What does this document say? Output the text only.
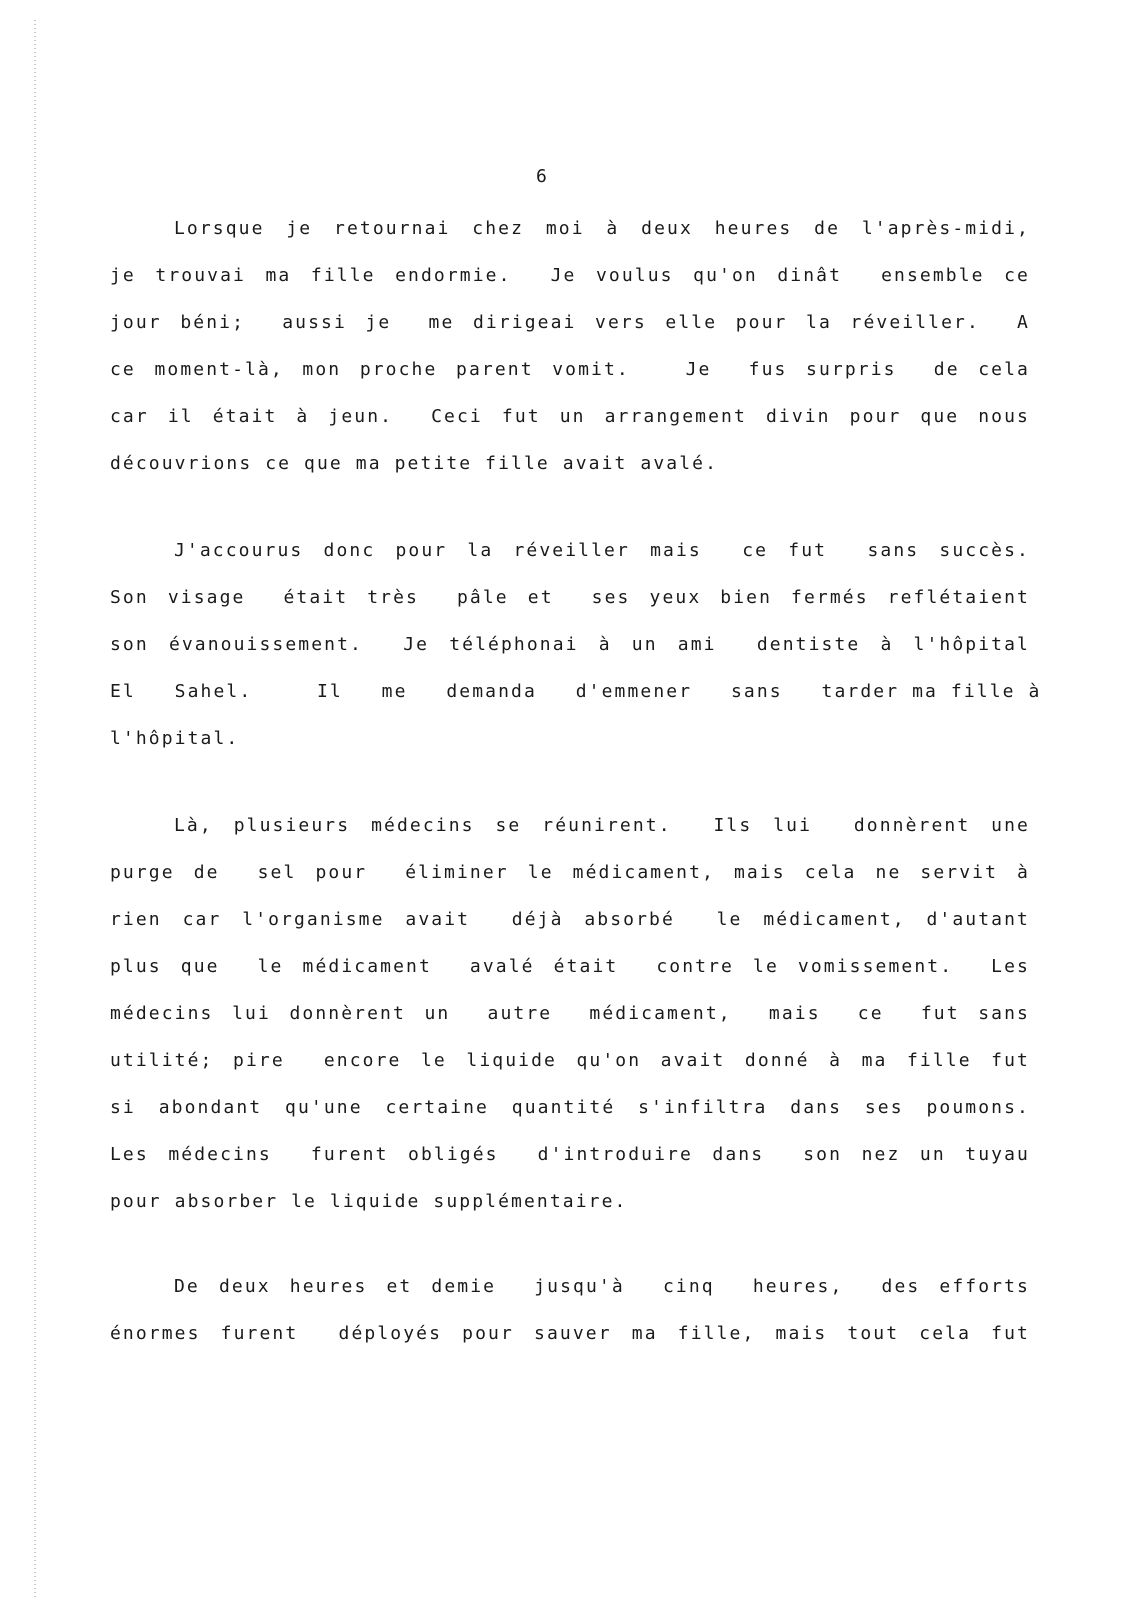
6
Lorsque je retournai chez moi à deux heures de l'après-midi,
je trouvai ma fille endormie.  Je voulus qu'on dinât  ensemble ce
jour béni;  aussi je  me dirigeai vers elle pour la réveiller.  A
ce moment-là, mon proche parent vomit.   Je  fus surpris  de cela
car il était à jeun.  Ceci fut un arrangement divin pour que nous
découvrions ce que ma petite fille avait avalé.
J'accourus donc pour la réveiller mais  ce fut  sans succès.
Son visage  était très  pâle et  ses yeux bien fermés reflétaient
son évanouissement.  Je téléphonai à un ami  dentiste à l'hôpital
El   Sahel.     Il   me   demanda   d'emmener   sans   tarder ma fille à
l'hôpital.
Là, plusieurs médecins se réunirent.  Ils lui  donnèrent une
purge de  sel pour  éliminer le médicament, mais cela ne servit à
rien car l'organisme avait  déjà absorbé  le médicament, d'autant
plus que  le médicament  avalé était  contre le vomissement.  Les
médecins lui donnèrent un  autre  médicament,  mais  ce  fut sans
utilité; pire  encore le liquide qu'on avait donné à ma fille fut
si abondant qu'une certaine quantité s'infiltra dans ses poumons.
Les médecins  furent obligés  d'introduire dans  son nez un tuyau
pour absorber le liquide supplémentaire.
De deux heures et demie  jusqu'à  cinq  heures,  des efforts
énormes furent  déployés pour sauver ma fille, mais tout cela fut
